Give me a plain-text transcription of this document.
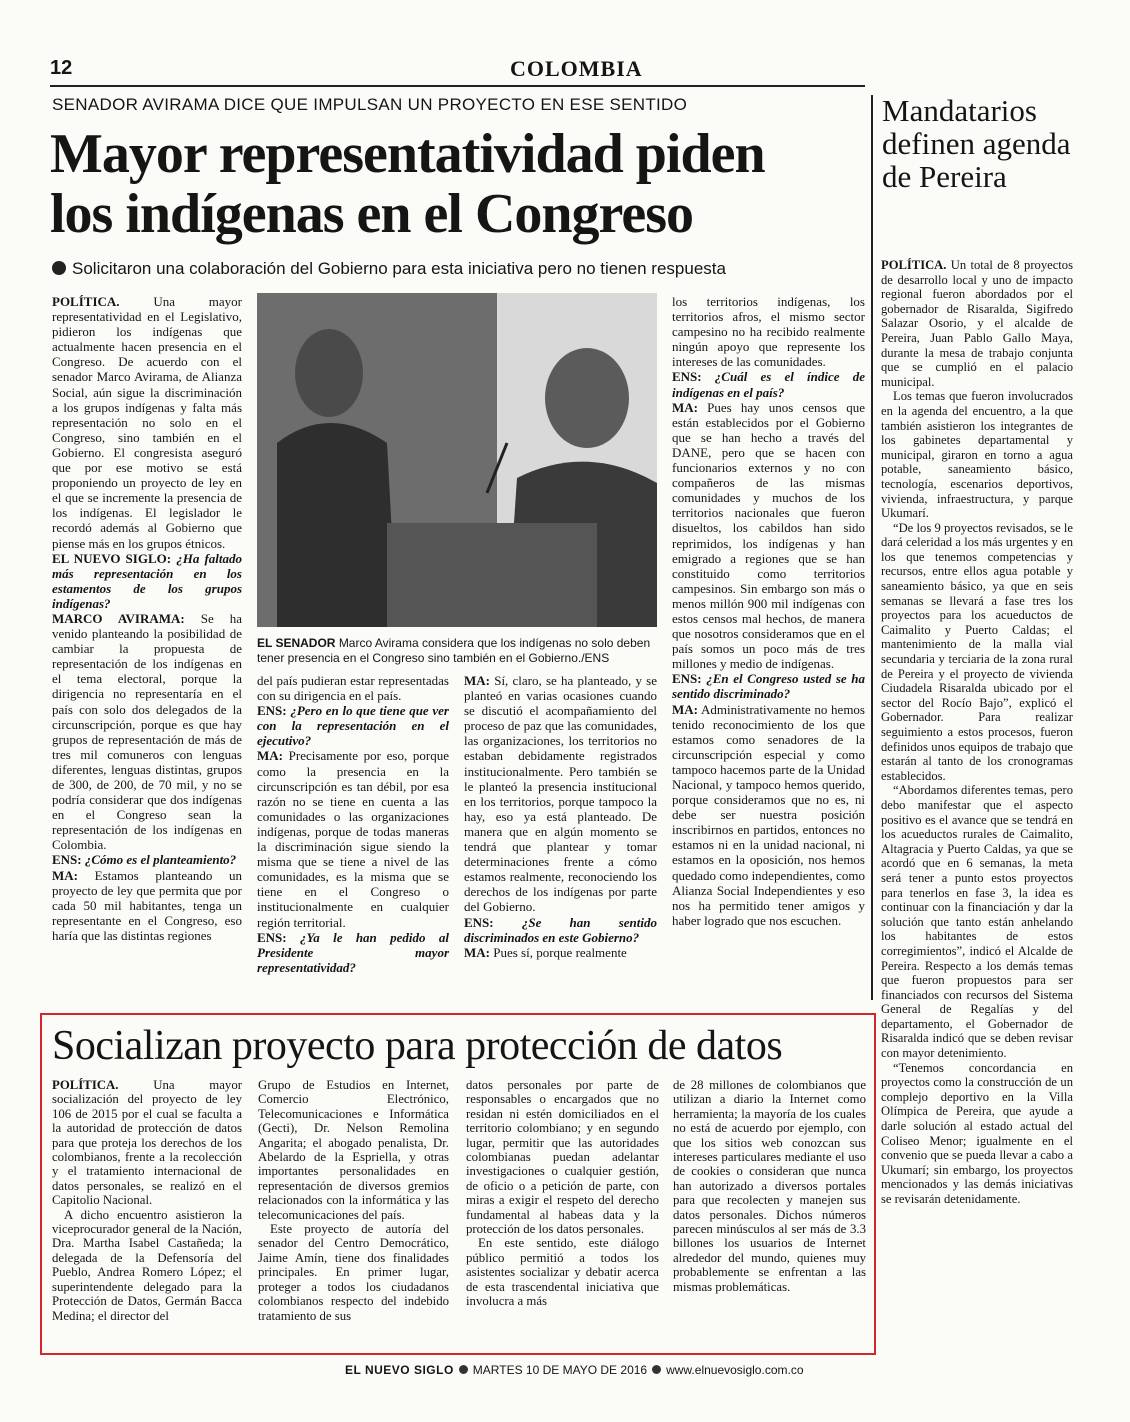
12	COLOMBIA
SENADOR AVIRAMA DICE QUE IMPULSAN UN PROYECTO EN ESE SENTIDO
Mayor representatividad piden
los indígenas en el Congreso
Solicitaron una colaboración del Gobierno para esta iniciativa pero no tienen respuesta

POLÍTICA. Una mayor representatividad en el Legislativo, pidieron los indígenas que actualmente hacen presencia en el Congreso. De acuerdo con el senador Marco Avirama, de Alianza Social, aún sigue la discriminación a los grupos indígenas y falta más representación no solo en el Congreso, sino también en el Gobierno. El congresista aseguró que por ese motivo se está proponiendo un proyecto de ley en el que se incremente la presencia de los indígenas. El legislador le recordó además al Gobierno que piense más en los grupos étnicos.

EL NUEVO SIGLO: ¿Ha faltado más representación en los estamentos de los grupos indígenas?

MARCO AVIRAMA: Se ha venido planteando la posibilidad de cambiar la propuesta de representación de los indígenas en el tema electoral, porque la dirigencia no representaría en el país con solo dos delegados de la circunscripción, porque es que hay grupos de representación de más de tres mil comuneros con lenguas diferentes, lenguas distintas, grupos de 300, de 200, de 70 mil, y no se podría considerar que dos indígenas en el Congreso sean la representación de los indígenas en Colombia.

ENS: ¿Cómo es el planteamiento?

MA: Estamos planteando un proyecto de ley que permita que por cada 50 mil habitantes, tenga un representante en el Congreso, eso haría que las distintas regiones

EL SENADOR Marco Avirama considera que los indígenas no solo deben tener presencia en el Congreso sino también en el Gobierno./ENS

del país pudieran estar representadas con su dirigencia en el país.

ENS: ¿Pero en lo que tiene que ver con la representación en el ejecutivo?

MA: Precisamente por eso, porque como la presencia en la circunscripción es tan débil, por esa razón no se tiene en cuenta a las comunidades o las organizaciones indígenas, porque de todas maneras la discriminación sigue siendo la misma que se tiene a nivel de las comunidades, es la misma que se tiene en el Congreso o institucionalmente en cualquier región territorial.

ENS: ¿Ya le han pedido al Presidente mayor representatividad?

MA: Sí, claro, se ha planteado, y se planteó en varias ocasiones cuando se discutió el acompañamiento del proceso de paz que las comunidades, las organizaciones, los territorios no estaban debidamente registrados institucionalmente. Pero también se le planteó la presencia institucional en los territorios, porque tampoco la hay, eso ya está planteado. De manera que en algún momento se tendrá que plantear y tomar determinaciones frente a cómo estamos realmente, reconociendo los derechos de los indígenas por parte del Gobierno.

ENS: ¿Se han sentido discriminados en este Gobierno?

MA: Pues sí, porque realmente

los territorios indígenas, los territorios afros, el mismo sector campesino no ha recibido realmente ningún apoyo que represente los intereses de las comunidades.

ENS: ¿Cuál es el índice de indígenas en el país?

MA: Pues hay unos censos que están establecidos por el Gobierno que se han hecho a través del DANE, pero que se hacen con funcionarios externos y no con compañeros de las mismas comunidades y muchos de los territorios nacionales que fueron disueltos, los cabildos han sido reprimidos, los indígenas y han emigrado a regiones que se han constituido como territorios campesinos. Sin embargo son más o menos millón 900 mil indígenas con estos censos mal hechos, de manera que nosotros consideramos que en el país somos un poco más de tres millones y medio de indígenas.

ENS: ¿En el Congreso usted se ha sentido discriminado?

MA: Administrativamente no hemos tenido reconocimiento de los que estamos como senadores de la circunscripción especial y como tampoco hacemos parte de la Unidad Nacional, y tampoco hemos querido, porque consideramos que no es, ni debe ser nuestra posición inscribirnos en partidos, entonces no estamos ni en la unidad nacional, ni estamos en la oposición, nos hemos quedado como independientes, como Alianza Social Independientes y eso nos ha permitido tener amigos y haber logrado que nos escuchen.

Mandatarios definen agenda de Pereira

POLÍTICA. Un total de 8 proyectos de desarrollo local y uno de impacto regional fueron abordados por el gobernador de Risaralda, Sigifredo Salazar Osorio, y el alcalde de Pereira, Juan Pablo Gallo Maya, durante la mesa de trabajo conjunta que se cumplió en el palacio municipal.

Los temas que fueron involucrados en la agenda del encuentro, a la que también asistieron los integrantes de los gabinetes departamental y municipal, giraron en torno a agua potable, saneamiento básico, tecnología, escenarios deportivos, vivienda, infraestructura, y parque Ukumarí.

“De los 9 proyectos revisados, se le dará celeridad a los más urgentes y en los que tenemos competencias y recursos, entre ellos agua potable y saneamiento básico, ya que en seis semanas se llevará a fase tres los proyectos para los acueductos de Caimalito y Puerto Caldas; el mantenimiento de la malla vial secundaria y terciaria de la zona rural de Pereira y el proyecto de vivienda Ciudadela Risaralda ubicado por el sector del Rocío Bajo”, explicó el Gobernador. Para realizar seguimiento a estos procesos, fueron definidos unos equipos de trabajo que estarán al tanto de los cronogramas establecidos.

“Abordamos diferentes temas, pero debo manifestar que el aspecto positivo es el avance que se tendrá en los acueductos rurales de Caimalito, Altagracia y Puerto Caldas, ya que se acordó que en 6 semanas, la meta será tener a punto estos proyectos para tenerlos en fase 3, la idea es continuar con la financiación y dar la solución que tanto están anhelando los habitantes de estos corregimientos”, indicó el Alcalde de Pereira. Respecto a los demás temas que fueron propuestos para ser financiados con recursos del Sistema General de Regalías y del departamento, el Gobernador de Risaralda indicó que se deben revisar con mayor detenimiento.

“Tenemos concordancia en proyectos como la construcción de un complejo deportivo en la Villa Olímpica de Pereira, que ayude a darle solución al estado actual del Coliseo Menor; igualmente en el convenio que se pueda llevar a cabo a Ukumarí; sin embargo, los proyectos mencionados y las demás iniciativas se revisarán detenidamente.

Socializan proyecto para protección de datos

POLÍTICA. Una mayor socialización del proyecto de ley 106 de 2015 por el cual se faculta a la autoridad de protección de datos para que proteja los derechos de los colombianos, frente a la recolección y el tratamiento internacional de datos personales, se realizó en el Capitolio Nacional.

A dicho encuentro asistieron la viceprocurador general de la Nación, Dra. Martha Isabel Castañeda; la delegada de la Defensoría del Pueblo, Andrea Romero López; el superintendente delegado para la Protección de Datos, Germán Bacca Medina; el director del

Grupo de Estudios en Internet, Comercio Electrónico, Telecomunicaciones e Informática (Gecti), Dr. Nelson Remolina Angarita; el abogado penalista, Dr. Abelardo de la Espriella, y otras importantes personalidades en representación de diversos gremios relacionados con la informática y las telecomunicaciones del país.

Este proyecto de autoría del senador del Centro Democrático, Jaime Amín, tiene dos finalidades principales. En primer lugar, proteger a todos los ciudadanos colombianos respecto del indebido tratamiento de sus

datos personales por parte de responsables o encargados que no residan ni estén domiciliados en el territorio colombiano; y en segundo lugar, permitir que las autoridades colombianas puedan adelantar investigaciones o cualquier gestión, de oficio o a petición de parte, con miras a exigir el respeto del derecho fundamental al habeas data y la protección de los datos personales.

En este sentido, este diálogo público permitió a todos los asistentes socializar y debatir acerca de esta trascendental iniciativa que involucra a más

de 28 millones de colombianos que utilizan a diario la Internet como herramienta; la mayoría de los cuales no está de acuerdo por ejemplo, con que los sitios web conozcan sus intereses particulares mediante el uso de cookies o consideran que nunca han autorizado a diversos portales para que recolecten y manejen sus datos personales. Dichos números parecen minúsculos al ser más de 3.3 billones los usuarios de Internet alrededor del mundo, quienes muy probablemente se enfrentan a las mismas problemáticas.

EL NUEVO SIGLO MARTES 10 DE MAYO DE 2016 www.elnuevosiglo.com.co
